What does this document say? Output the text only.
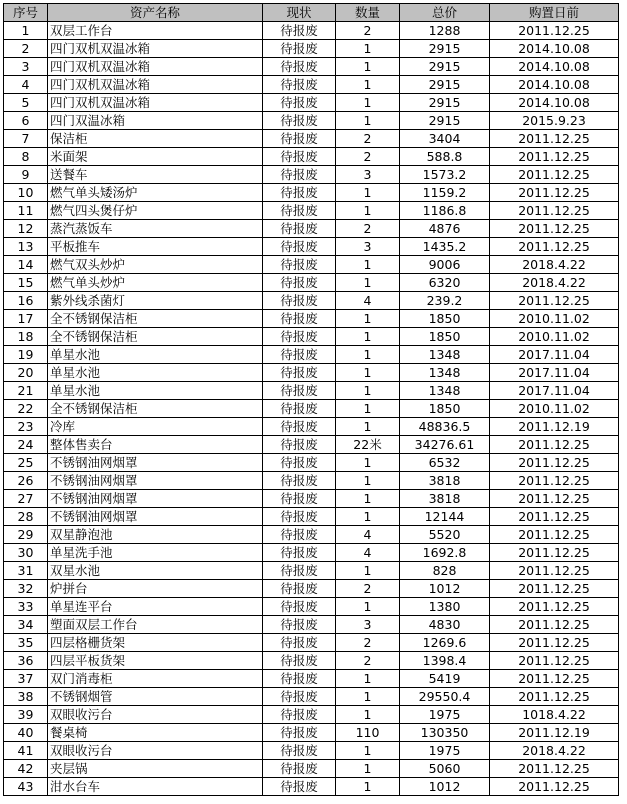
序号	资产名称	现状	数量	总价	购置日前
1	双层工作台	待报废	2	1288	2011.12.25
2	四门双机双温冰箱	待报废	1	2915	2014.10.08
3	四门双机双温冰箱	待报废	1	2915	2014.10.08
4	四门双机双温冰箱	待报废	1	2915	2014.10.08
5	四门双机双温冰箱	待报废	1	2915	2014.10.08
6	四门双温冰箱	待报废	1	2915	2015.9.23
7	保洁柜	待报废	2	3404	2011.12.25
8	米面架	待报废	2	588.8	2011.12.25
9	送餐车	待报废	3	1573.2	2011.12.25
10	燃气单头矮汤炉	待报废	1	1159.2	2011.12.25
11	燃气四头煲仔炉	待报废	1	1186.8	2011.12.25
12	蒸汽蒸饭车	待报废	2	4876	2011.12.25
13	平板推车	待报废	3	1435.2	2011.12.25
14	燃气双头炒炉	待报废	1	9006	2018.4.22
15	燃气单头炒炉	待报废	1	6320	2018.4.22
16	紫外线杀菌灯	待报废	4	239.2	2011.12.25
17	全不锈钢保洁柜	待报废	1	1850	2010.11.02
18	全不锈钢保洁柜	待报废	1	1850	2010.11.02
19	单星水池	待报废	1	1348	2017.11.04
20	单星水池	待报废	1	1348	2017.11.04
21	单星水池	待报废	1	1348	2017.11.04
22	全不锈钢保洁柜	待报废	1	1850	2010.11.02
23	冷库	待报废	1	48836.5	2011.12.19
24	整体售卖台	待报废	22米	34276.61	2011.12.25
25	不锈钢油网烟罩	待报废	1	6532	2011.12.25
26	不锈钢油网烟罩	待报废	1	3818	2011.12.25
27	不锈钢油网烟罩	待报废	1	3818	2011.12.25
28	不锈钢油网烟罩	待报废	1	12144	2011.12.25
29	双星静泡池	待报废	4	5520	2011.12.25
30	单星洗手池	待报废	4	1692.8	2011.12.25
31	双星水池	待报废	1	828	2011.12.25
32	炉拼台	待报废	2	1012	2011.12.25
33	单星连平台	待报废	1	1380	2011.12.25
34	塑面双层工作台	待报废	3	4830	2011.12.25
35	四层格栅货架	待报废	2	1269.6	2011.12.25
36	四层平板货架	待报废	2	1398.4	2011.12.25
37	双门消毒柜	待报废	1	5419	2011.12.25
38	不锈钢烟管	待报废	1	29550.4	2011.12.25
39	双眼收污台	待报废	1	1975	1018.4.22
40	餐桌椅	待报废	110	130350	2011.12.19
41	双眼收污台	待报废	1	1975	2018.4.22
42	夹层锅	待报废	1	5060	2011.12.25
43	泔水台车	待报废	1	1012	2011.12.25
